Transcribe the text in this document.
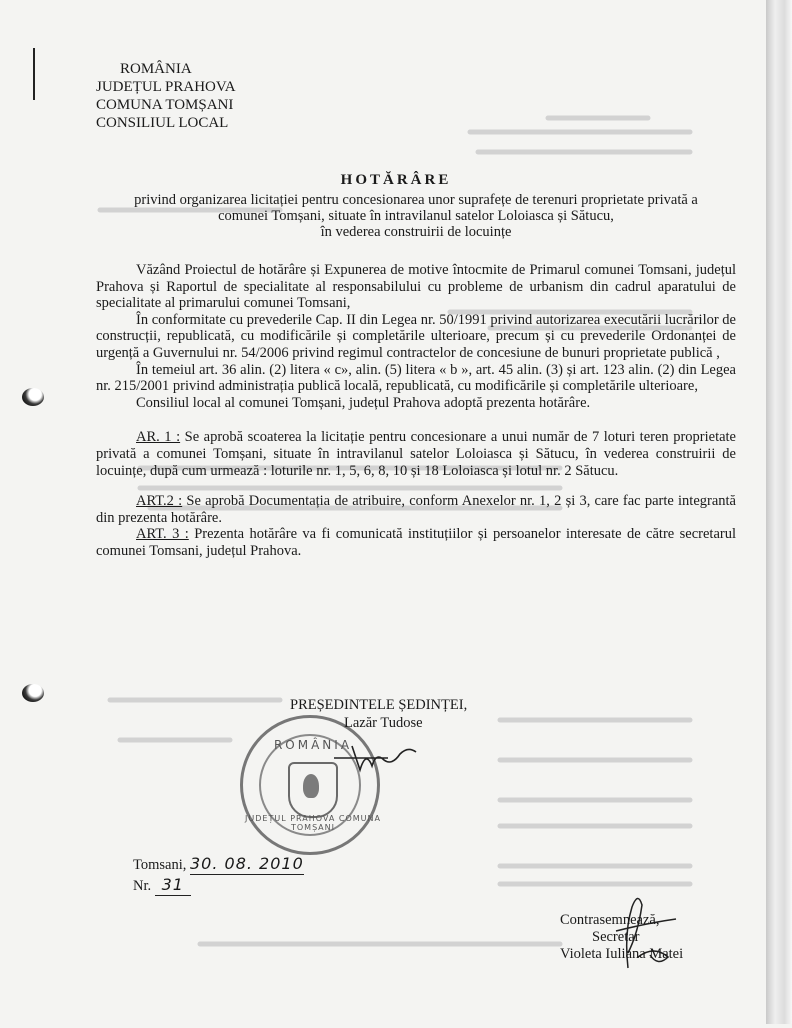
ROMÂNIA
JUDEȚUL PRAHOVA
COMUNA TOMȘANI
CONSILIUL LOCAL
HOTĂRÂRE
privind organizarea licitației pentru concesionarea unor suprafețe de terenuri proprietate privată a
comunei Tomșani, situate în intravilanul satelor Loloiasca și Sătucu,
în vederea construirii de locuințe

Văzând Proiectul de hotărâre și Expunerea de motive întocmite de Primarul comunei Tomsani, județul Prahova și Raportul de specialitate al responsabilului cu probleme de urbanism din cadrul aparatului de specialitate al primarului comunei Tomsani,

În conformitate cu prevederile Cap. II din Legea nr. 50/1991 privind autorizarea executării lucrărilor de construcții, republicată, cu modificările și completările ulterioare, precum și cu prevederile Ordonanței de urgență a Guvernului nr. 54/2006 privind regimul contractelor de concesiune de bunuri proprietate publică ,

În temeiul art. 36 alin. (2) litera « c», alin. (5) litera « b », art. 45 alin. (3) și art. 123 alin. (2) din Legea nr. 215/2001 privind administrația publică locală, republicată, cu modificările și completările ulterioare,

Consiliul local al comunei Tomșani, județul Prahova adoptă prezenta hotărâre.

AR. 1 : Se aprobă scoaterea la licitație pentru concesionare a unui număr de 7 loturi teren proprietate privată a comunei Tomșani, situate în intravilanul satelor Loloiasca și Sătucu, în vederea construirii de locuințe, după cum urmează : loturile nr. 1, 5, 6, 8, 10 și 18 Loloiasca și lotul nr. 2 Sătucu.

ART.2 : Se aprobă Documentația de atribuire, conform Anexelor nr. 1, 2 și 3, care fac parte integrantă din prezenta hotărâre.

ART. 3 : Prezenta hotărâre va fi comunicată instituțiilor și persoanelor interesate de către secretarul comunei Tomsani, județul Prahova.

ROMÂNIA
JUDEȚUL PRAHOVA COMUNA TOMȘANI
PREȘEDINTELE ȘEDINȚEI,
Lazăr Tudose
Tomsani, 30. 08. 2010
Nr. 31
Contrasemnează,
Secretar
Violeta Iuliana Matei
